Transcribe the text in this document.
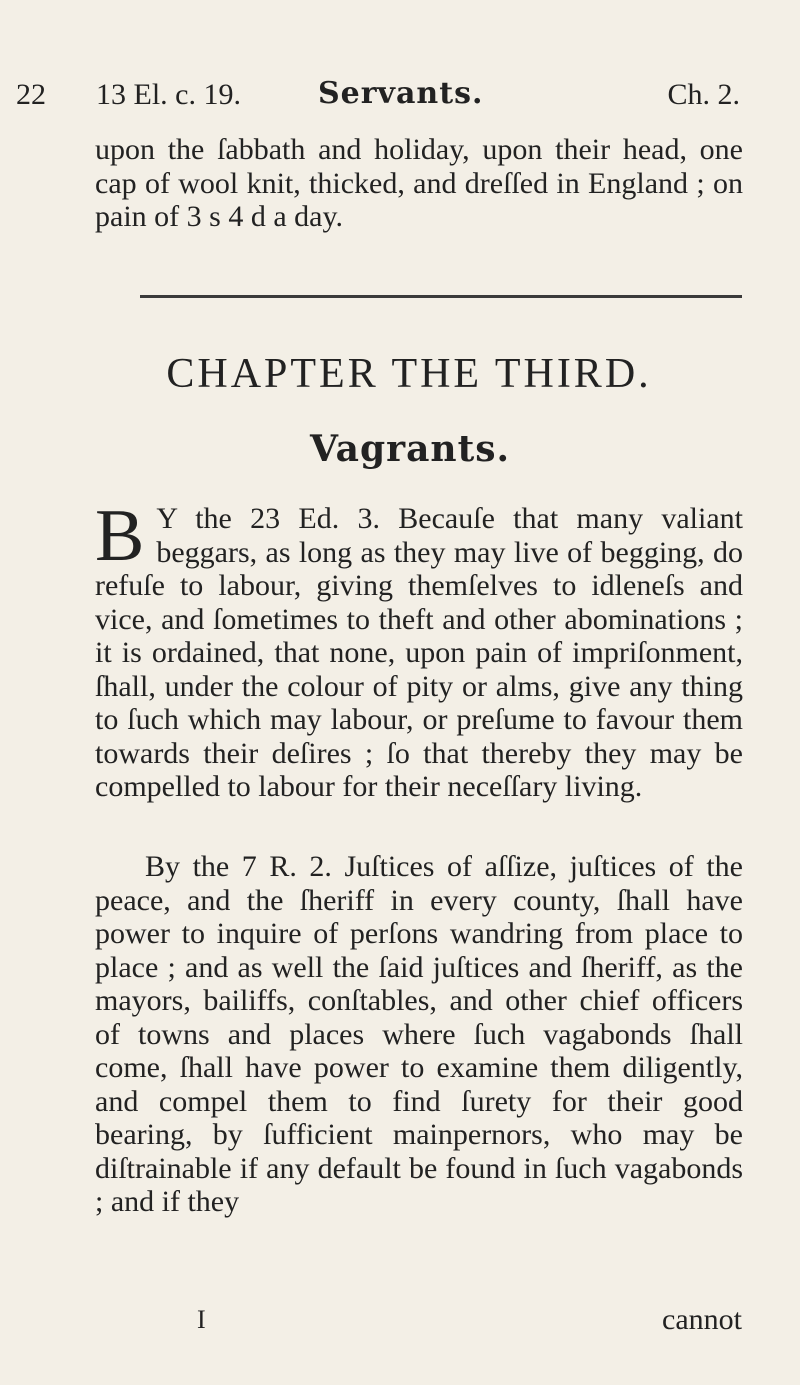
22 13 El. c. 19.	Servants.	Ch. 2.

upon the ſabbath and holiday, upon their head, one cap of wool knit, thicked, and dreſſed in England ; on pain of 3 s 4 d a day.

CHAPTER THE THIRD.
Vagrants.
B Y the 23 Ed. 3. Becauſe that many valiant beggars, as long as they may live of begging, do refuſe to labour, giving themſelves to idleneſs and vice, and ſometimes to theft and other abominations ; it is ordained, that none, upon pain of impriſonment, ſhall, under the colour of pity or alms, give any thing to ſuch which may labour, or preſume to favour them towards their deſires ; ſo that thereby they may be compelled to labour for their neceſſary living.

By the 7 R. 2. Juſtices of aſſize, juſtices of the peace, and the ſheriff in every county, ſhall have power to inquire of perſons wandring from place to place ; and as well the ſaid juſtices and ſheriff, as the mayors, bailiffs, conſtables, and other chief officers of towns and places where ſuch vagabonds ſhall come, ſhall have power to examine them diligently, and compel them to find ſurety for their good bearing, by ſufficient mainpernors, who may be diſtrainable if any default be found in ſuch vagabonds ; and if they

I	cannot
